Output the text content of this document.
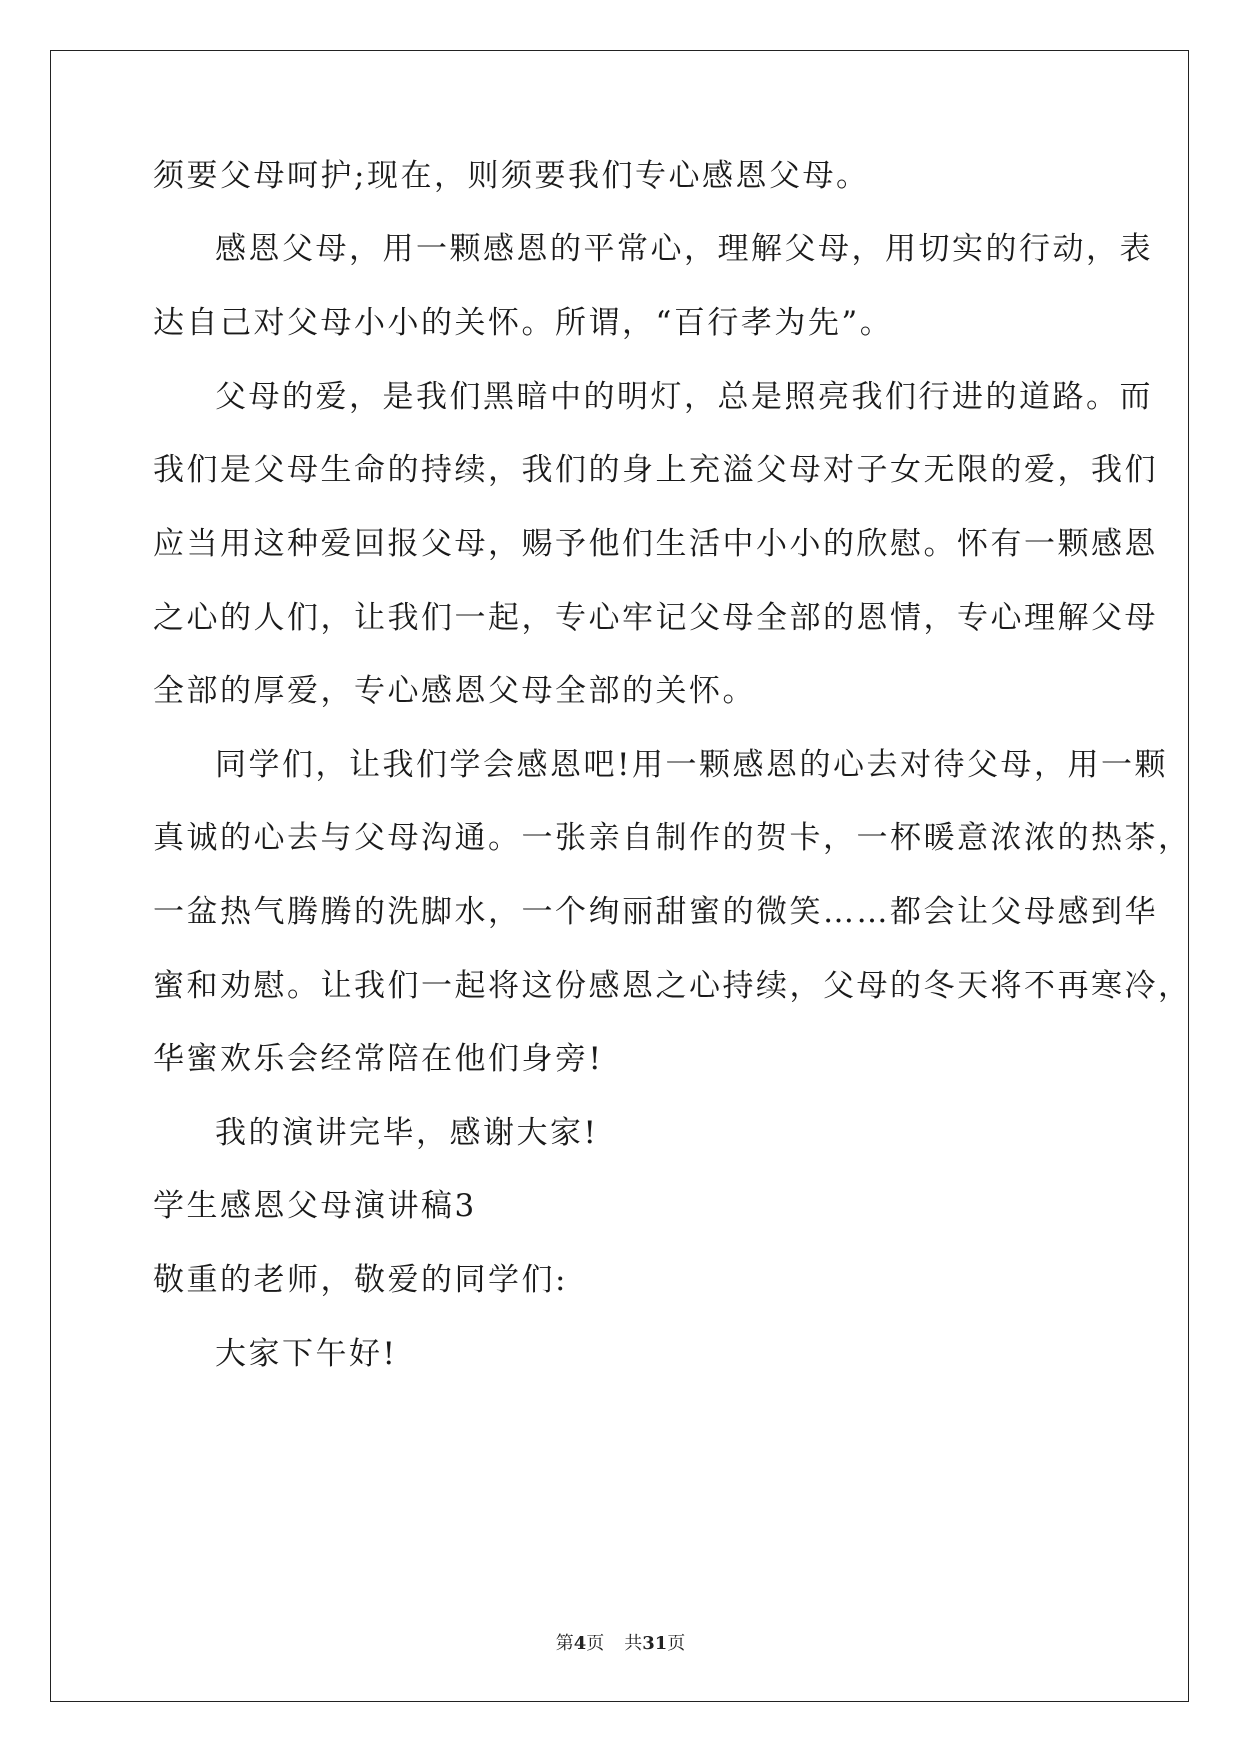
须要父母呵护;现在，则须要我们专心感恩父母。
感恩父母，用一颗感恩的平常心，理解父母，用切实的行动，表
达自己对父母小小的关怀。所谓，“百行孝为先”。
父母的爱，是我们黑暗中的明灯，总是照亮我们行进的道路。而
我们是父母生命的持续，我们的身上充溢父母对子女无限的爱，我们
应当用这种爱回报父母，赐予他们生活中小小的欣慰。怀有一颗感恩
之心的人们，让我们一起，专心牢记父母全部的恩情，专心理解父母
全部的厚爱，专心感恩父母全部的关怀。
同学们，让我们学会感恩吧!用一颗感恩的心去对待父母，用一颗
真诚的心去与父母沟通。一张亲自制作的贺卡，一杯暖意浓浓的热茶，
一盆热气腾腾的洗脚水，一个绚丽甜蜜的微笑……都会让父母感到华
蜜和劝慰。让我们一起将这份感恩之心持续，父母的冬天将不再寒冷，
华蜜欢乐会经常陪在他们身旁!
我的演讲完毕，感谢大家!
学生感恩父母演讲稿3
敬重的老师，敬爱的同学们:
大家下午好!
第4页 共31页
